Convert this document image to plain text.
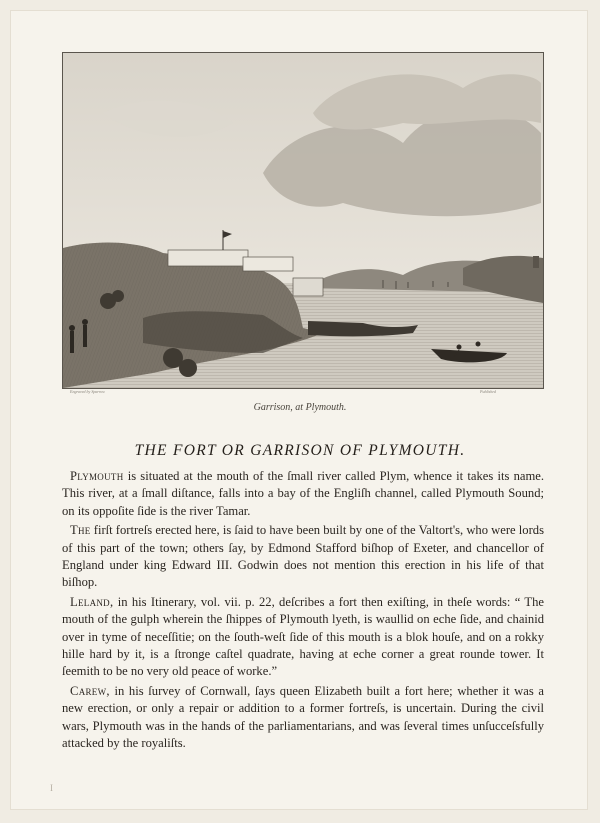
Engraved by Sparrow	Published
Garrison, at Plymouth.
THE FORT OR GARRISON OF PLYMOUTH.

Plymouth is situated at the mouth of the ſmall river called Plym, whence it takes its name. This river, at a ſmall diſtance, falls into a bay of the Engliſh channel, called Plymouth Sound; on its oppoſite ſide is the river Tamar.

The firſt fortreſs erected here, is ſaid to have been built by one of the Valtort's, who were lords of this part of the town; others ſay, by Edmond Stafford biſhop of Exeter, and chancellor of England under king Edward III. Godwin does not mention this erection in his life of that biſhop.

Leland, in his Itinerary, vol. vii. p. 22, deſcribes a fort then exiſting, in theſe words: “ The mouth of the gulph wherein the ſhippes of Plymouth lyeth, is waullid on eche ſide, and chainid over in tyme of neceſſitie; on the ſouth-weſt ſide of this mouth is a blok houſe, and on a rokky hille hard by it, is a ſtronge caſtel quadrate, having at eche corner a great rounde tower. It ſeemith to be no very old peace of worke.”

Carew, in his ſurvey of Cornwall, ſays queen Elizabeth built a fort here; whether it was a new erection, or only a repair or addition to a former fortreſs, is uncertain. During the civil wars, Plymouth was in the hands of the parliamentarians, and was ſeveral times unſucceſsfully attacked by the royaliſts.

I
